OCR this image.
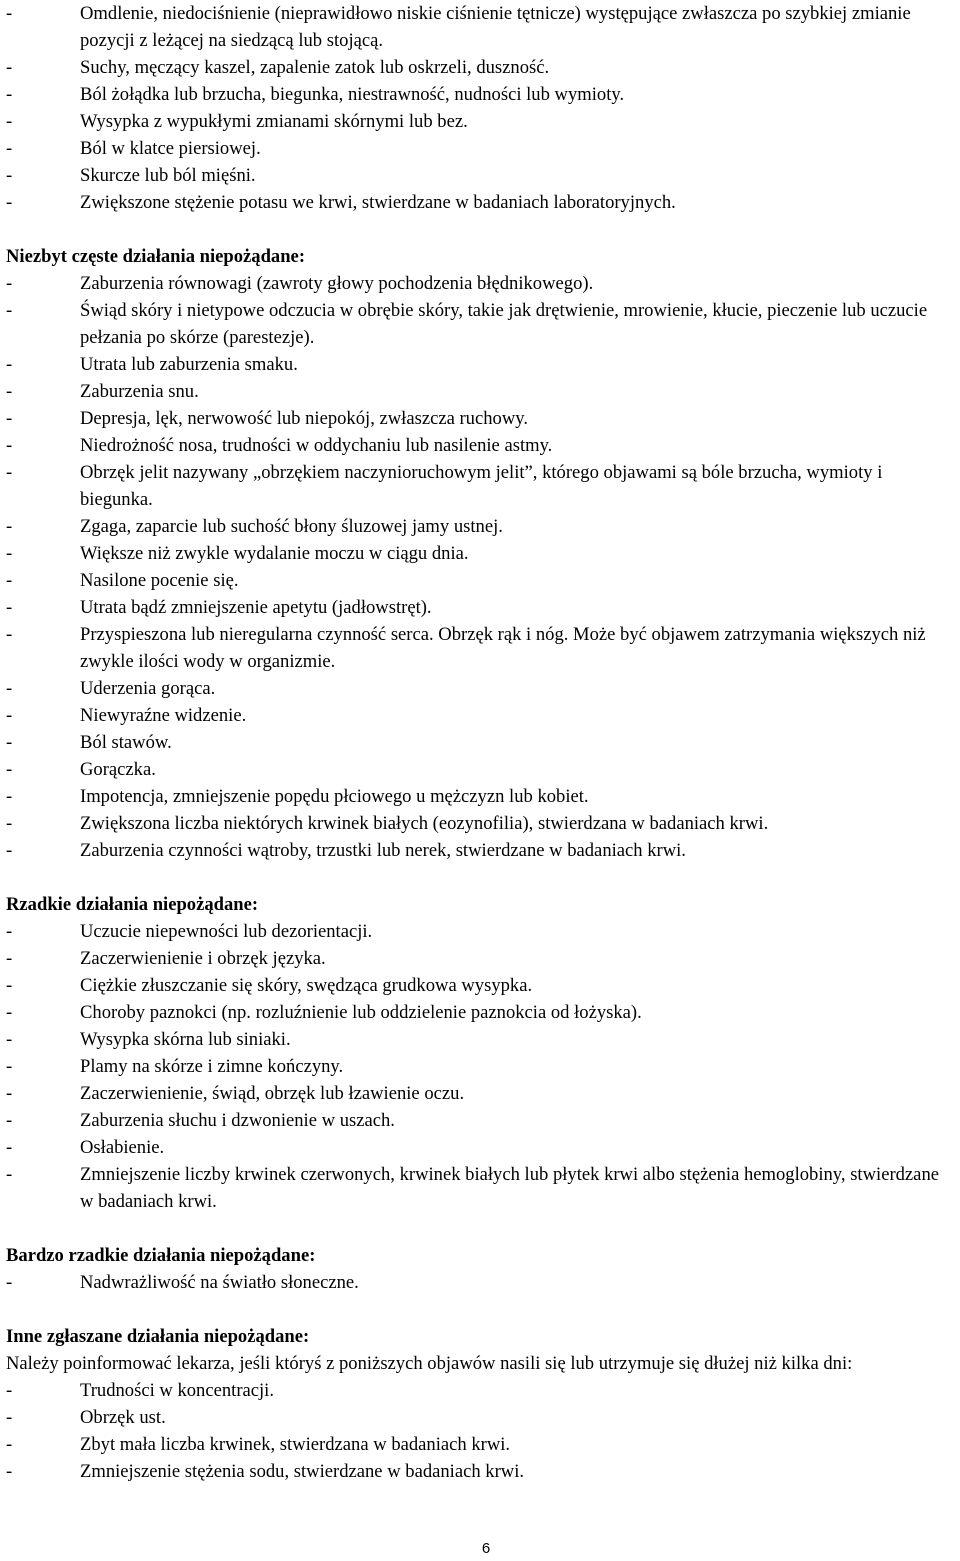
-	Omdlenie, niedociśnienie (nieprawidłowo niskie ciśnienie tętnicze) występujące zwłaszcza po szybkiej zmianie pozycji z leżącej na siedzącą lub stojącą.
-	Suchy, męczący kaszel, zapalenie zatok lub oskrzeli, duszność.
-	Ból żołądka lub brzucha, biegunka, niestrawność, nudności lub wymioty.
-	Wysypka z wypukłymi zmianami skórnymi lub bez.
-	Ból w klatce piersiowej.
-	Skurcze lub ból mięśni.
-	Zwiększone stężenie potasu we krwi, stwierdzane w badaniach laboratoryjnych.

Niezbyt częste działania niepożądane:

-	Zaburzenia równowagi (zawroty głowy pochodzenia błędnikowego).
-	Świąd skóry i nietypowe odczucia w obrębie skóry, takie jak drętwienie, mrowienie, kłucie, pieczenie lub uczucie pełzania po skórze (parestezje).
-	Utrata lub zaburzenia smaku.
-	Zaburzenia snu.
-	Depresja, lęk, nerwowość lub niepokój, zwłaszcza ruchowy.
-	Niedrożność nosa, trudności w oddychaniu lub nasilenie astmy.
-	Obrzęk jelit nazywany „obrzękiem naczynioruchowym jelit”, którego objawami są bóle brzucha, wymioty i biegunka.
-	Zgaga, zaparcie lub suchość błony śluzowej jamy ustnej.
-	Większe niż zwykle wydalanie moczu w ciągu dnia.
-	Nasilone pocenie się.
-	Utrata bądź zmniejszenie apetytu (jadłowstręt).
-	Przyspieszona lub nieregularna czynność serca. Obrzęk rąk i nóg. Może być objawem zatrzymania większych niż zwykle ilości wody w organizmie.
-	Uderzenia gorąca.
-	Niewyraźne widzenie.
-	Ból stawów.
-	Gorączka.
-	Impotencja, zmniejszenie popędu płciowego u mężczyzn lub kobiet.
-	Zwiększona liczba niektórych krwinek białych (eozynofilia), stwierdzana w badaniach krwi.
-	Zaburzenia czynności wątroby, trzustki lub nerek, stwierdzane w badaniach krwi.

Rzadkie działania niepożądane:

-	Uczucie niepewności lub dezorientacji.
-	Zaczerwienienie i obrzęk języka.
-	Ciężkie złuszczanie się skóry, swędząca grudkowa wysypka.
-	Choroby paznokci (np. rozluźnienie lub oddzielenie paznokcia od łożyska).
-	Wysypka skórna lub siniaki.
-	Plamy na skórze i zimne kończyny.
-	Zaczerwienienie, świąd, obrzęk lub łzawienie oczu.
-	Zaburzenia słuchu i dzwonienie w uszach.
-	Osłabienie.
-	Zmniejszenie liczby krwinek czerwonych, krwinek białych lub płytek krwi albo stężenia hemoglobiny, stwierdzane w badaniach krwi.

Bardzo rzadkie działania niepożądane:

-	Nadwrażliwość na światło słoneczne.

Inne zgłaszane działania niepożądane:

Należy poinformować lekarza, jeśli któryś z poniższych objawów nasili się lub utrzymuje się dłużej niż kilka dni:

-	Trudności w koncentracji.
-	Obrzęk ust.
-	Zbyt mała liczba krwinek, stwierdzana w badaniach krwi.
-	Zmniejszenie stężenia sodu, stwierdzane w badaniach krwi.
6
